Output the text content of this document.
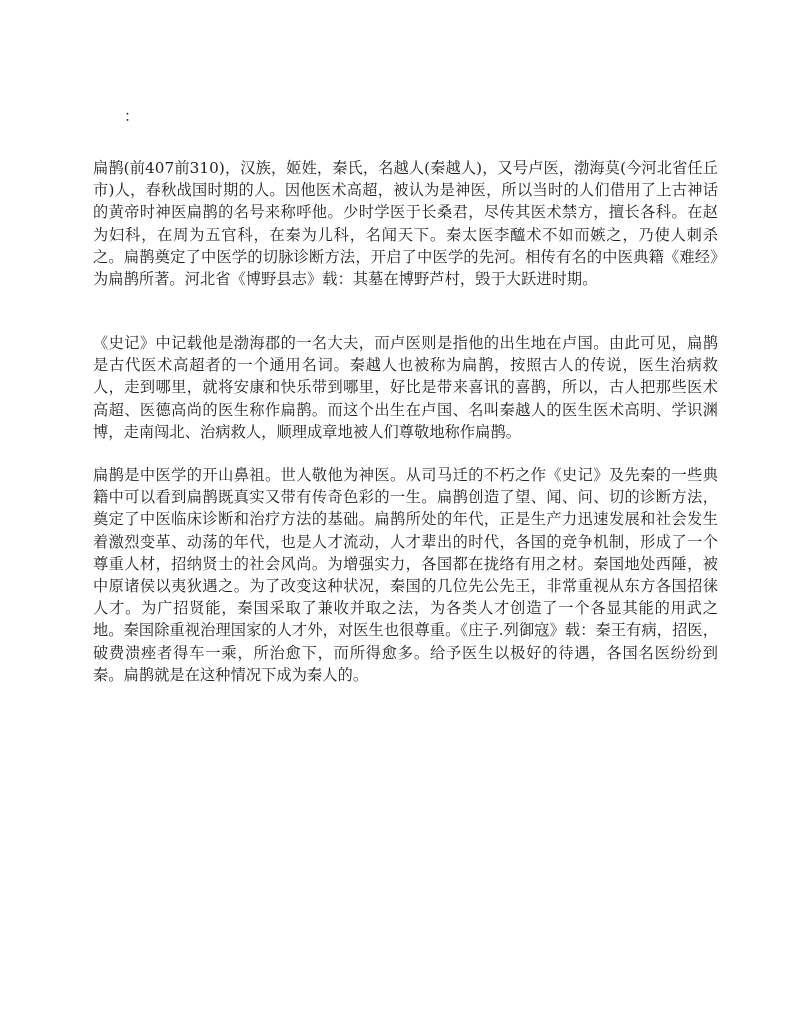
：

扁鹊(前407前310)，汉族，姬姓，秦氏，名越人(秦越人)，又号卢医，渤海莫(今河北省任丘市)人，春秋战国时期的人。因他医术高超，被认为是神医，所以当时的人们借用了上古神话的黄帝时神医扁鹊的名号来称呼他。少时学医于长桑君，尽传其医术禁方，擅长各科。在赵为妇科，在周为五官科，在秦为儿科，名闻天下。秦太医李醯术不如而嫉之，乃使人刺杀之。扁鹊奠定了中医学的切脉诊断方法，开启了中医学的先河。相传有名的中医典籍《难经》为扁鹊所著。河北省《博野县志》载：其墓在博野芦村，毁于大跃进时期。

《史记》中记载他是渤海郡的一名大夫，而卢医则是指他的出生地在卢国。由此可见，扁鹊是古代医术高超者的一个通用名词。秦越人也被称为扁鹊，按照古人的传说，医生治病救人，走到哪里，就将安康和快乐带到哪里，好比是带来喜讯的喜鹊，所以，古人把那些医术高超、医德高尚的医生称作扁鹊。而这个出生在卢国、名叫秦越人的医生医术高明、学识渊博，走南闯北、治病救人，顺理成章地被人们尊敬地称作扁鹊。

扁鹊是中医学的开山鼻祖。世人敬他为神医。从司马迁的不朽之作《史记》及先秦的一些典籍中可以看到扁鹊既真实又带有传奇色彩的一生。扁鹊创造了望、闻、问、切的诊断方法，奠定了中医临床诊断和治疗方法的基础。扁鹊所处的年代，正是生产力迅速发展和社会发生着激烈变革、动荡的年代，也是人才流动，人才辈出的时代，各国的竞争机制，形成了一个尊重人材，招纳贤士的社会风尚。为增强实力，各国都在拢络有用之材。秦国地处西陲，被中原诸侯以夷狄遇之。为了改变这种状况，秦国的几位先公先王，非常重视从东方各国招徕人才。为广招贤能，秦国采取了兼收并取之法，为各类人才创造了一个各显其能的用武之地。秦国除重视治理国家的人才外，对医生也很尊重。《庄子.列御寇》载：秦王有病，招医，破费溃痤者得车一乘，所治愈下，而所得愈多。给予医生以极好的待遇，各国名医纷纷到秦。扁鹊就是在这种情况下成为秦人的。
